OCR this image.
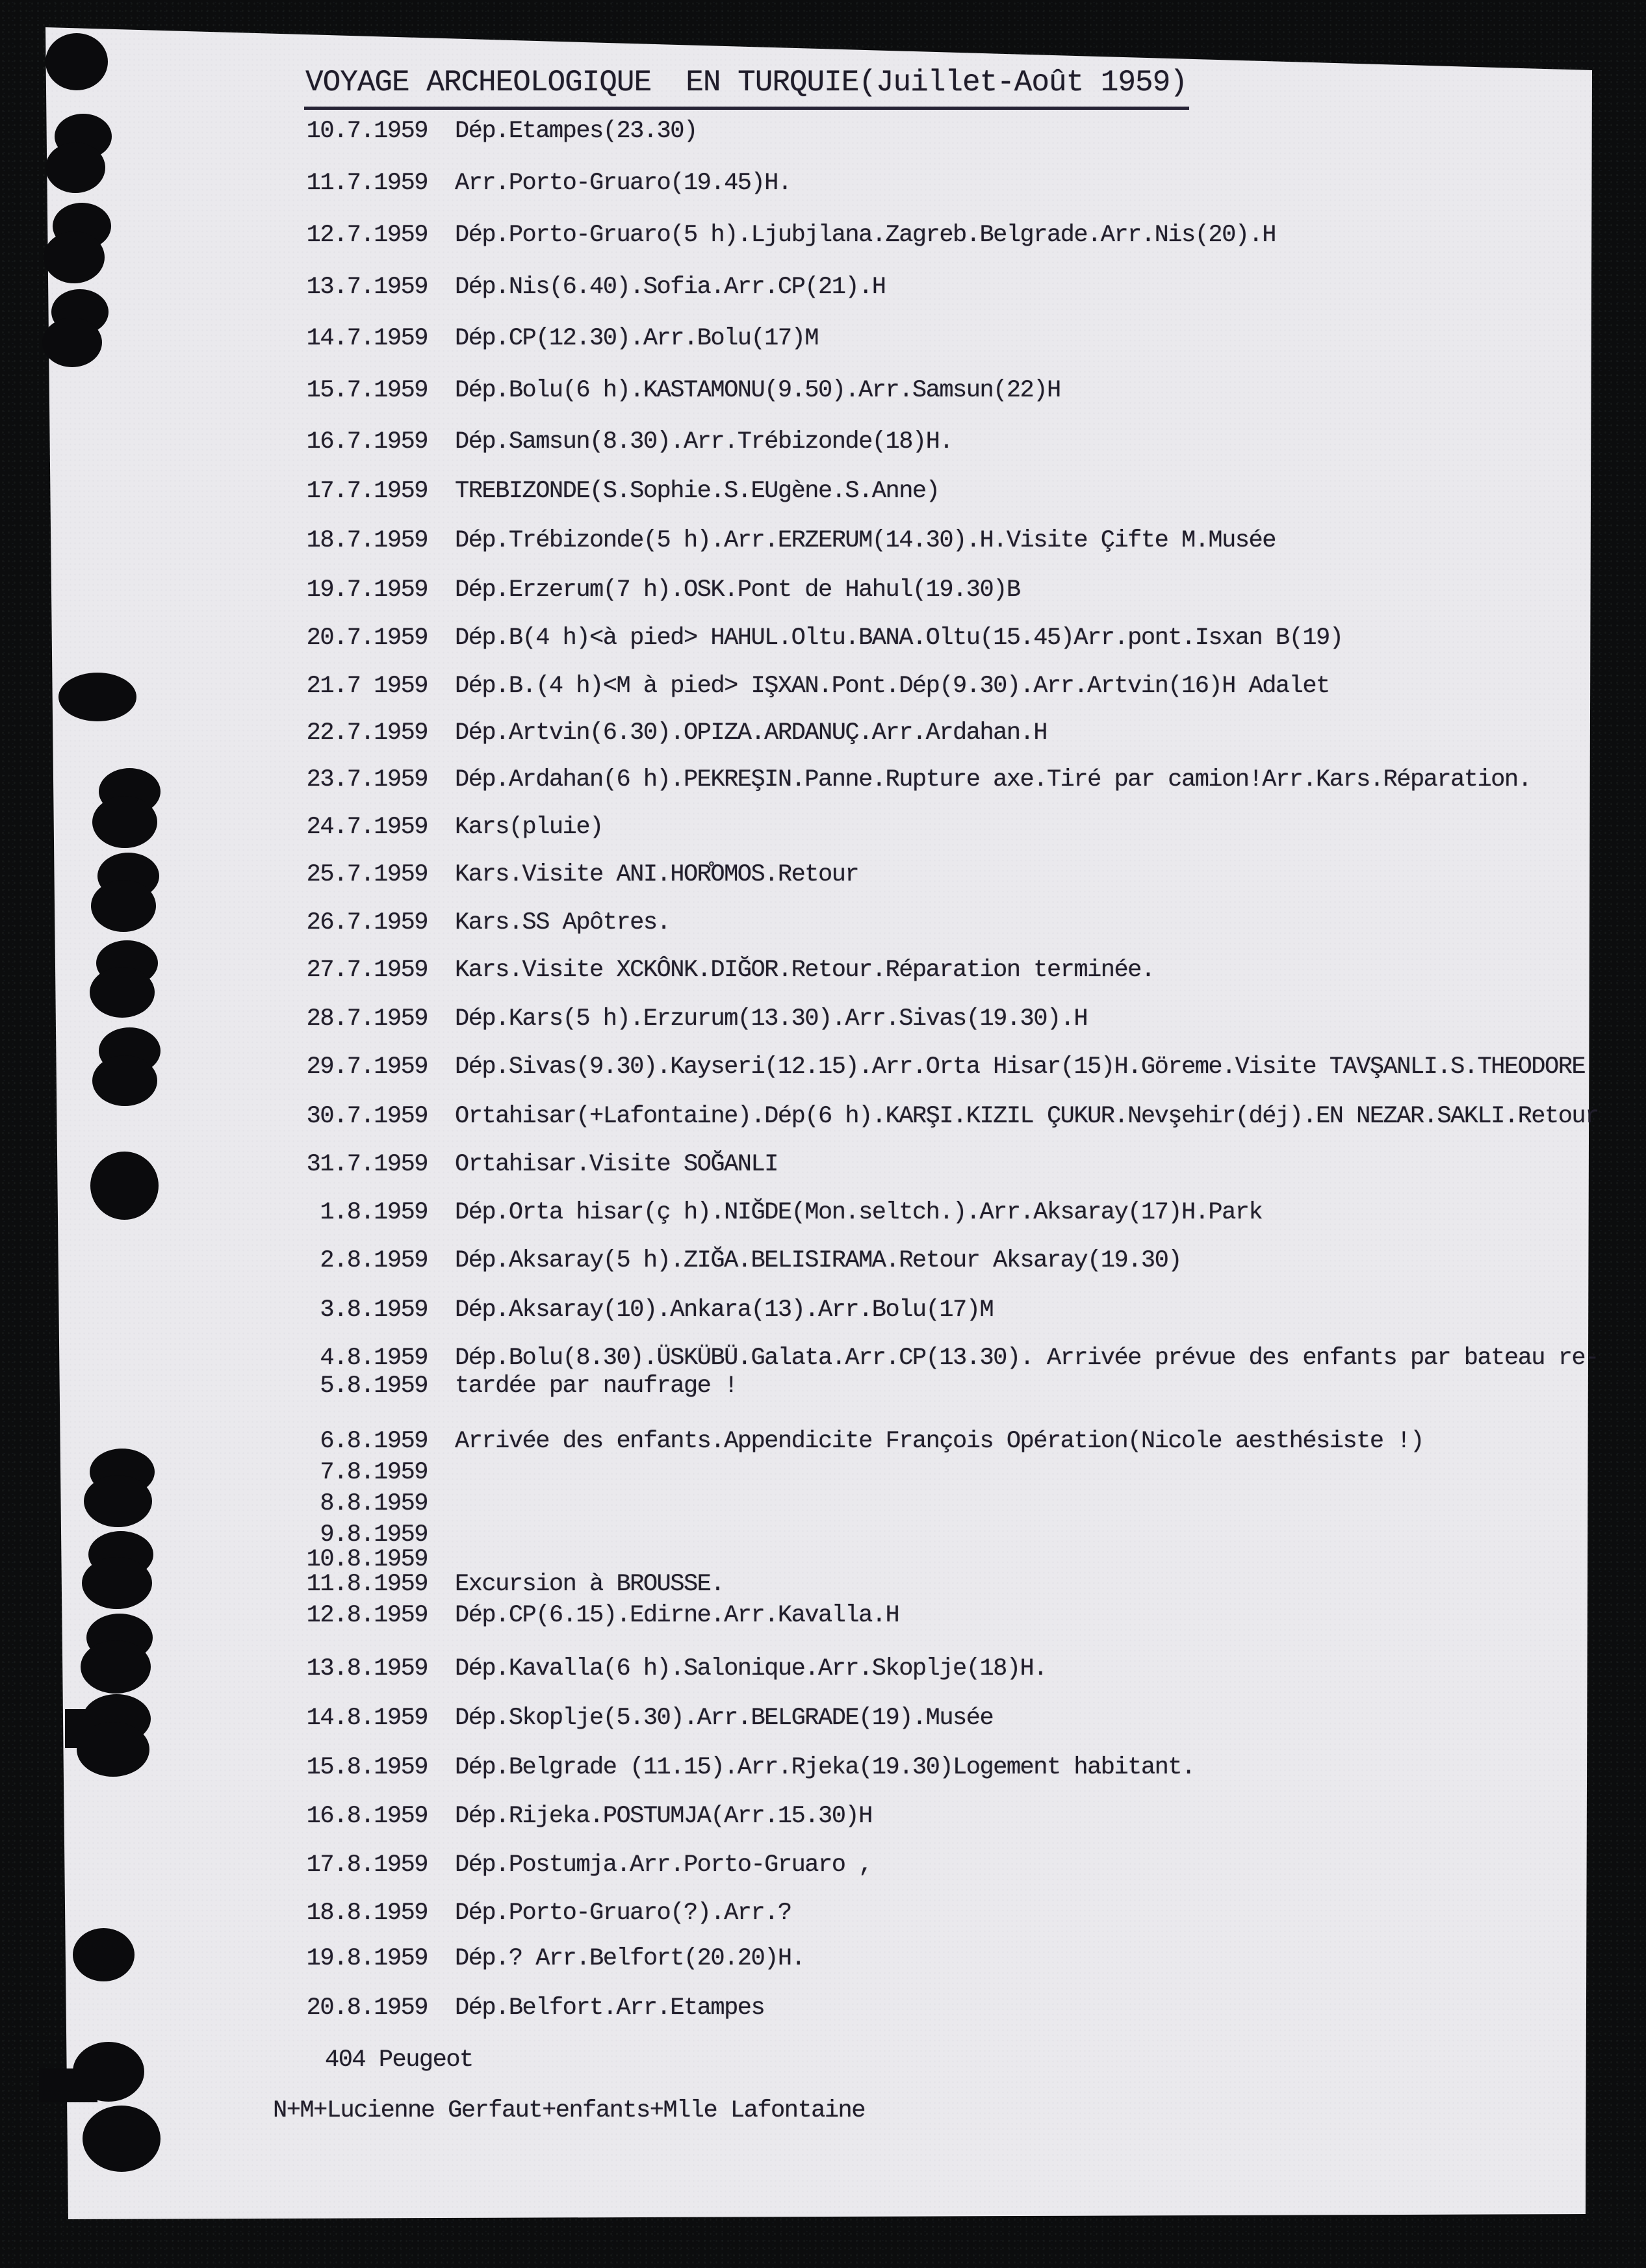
VOYAGE ARCHEOLOGIQUE  EN TURQUIE(Juillet-Août 1959)
10.7.1959 Dép.Etampes(23.30)
11.7.1959 Arr.Porto-Gruaro(19.45)H.
12.7.1959 Dép.Porto-Gruaro(5 h).Ljubjlana.Zagreb.Belgrade.Arr.Nis(20).H
13.7.1959 Dép.Nis(6.40).Sofia.Arr.CP(21).H
14.7.1959 Dép.CP(12.30).Arr.Bolu(17)M
15.7.1959 Dép.Bolu(6 h).KASTAMONU(9.50).Arr.Samsun(22)H
16.7.1959 Dép.Samsun(8.30).Arr.Trébizonde(18)H.
17.7.1959 TREBIZONDE(S.Sophie.S.EUgène.S.Anne)
18.7.1959 Dép.Trébizonde(5 h).Arr.ERZERUM(14.30).H.Visite Çifte M.Musée
19.7.1959 Dép.Erzerum(7 h).OSK.Pont de Hahul(19.30)B
20.7.1959 Dép.B(4 h)<à pied> HAHUL.Oltu.BANA.Oltu(15.45)Arr.pont.Isxan B(19)
21.7 1959 Dép.B.(4 h)<M à pied> IŞXAN.Pont.Dép(9.30).Arr.Artvin(16)H Adalet
22.7.1959 Dép.Artvin(6.30).OPIZA.ARDANUÇ.Arr.Ardahan.H
23.7.1959 Dép.Ardahan(6 h).PEKREŞIN.Panne.Rupture axe.Tiré par camion!Arr.Kars.Réparation.
24.7.1959 Kars(pluie)
25.7.1959 Kars.Visite ANI.HOR̊OMOS.Retour
26.7.1959 Kars.SS Apôtres.
27.7.1959 Kars.Visite XCKÔNK.DIĞOR.Retour.Réparation terminée.
28.7.1959 Dép.Kars(5 h).Erzurum(13.30).Arr.Sivas(19.30).H
29.7.1959 Dép.Sivas(9.30).Kayseri(12.15).Arr.Orta Hisar(15)H.Göreme.Visite TAVŞANLI.S.THEODORE
30.7.1959 Ortahisar(+Lafontaine).Dép(6 h).KARŞI.KIZIL ÇUKUR.Nevşehir(déj).EN NEZAR.SAKLI.Retour
31.7.1959 Ortahisar.Visite SOĞANLI
1.8.1959 Dép.Orta hisar(ç h).NIĞDE(Mon.seltch.).Arr.Aksaray(17)H.Park
2.8.1959 Dép.Aksaray(5 h).ZIĞA.BELISIRAMA.Retour Aksaray(19.30)
3.8.1959 Dép.Aksaray(10).Ankara(13).Arr.Bolu(17)M
4.8.1959 Dép.Bolu(8.30).ÜSKÜBÜ.Galata.Arr.CP(13.30). Arrivée prévue des enfants par bateau re-
5.8.1959 tardée par naufrage !
6.8.1959 Arrivée des enfants.Appendicite François Opération(Nicole aesthésiste !)
7.8.1959
8.8.1959
9.8.1959
10.8.1959
11.8.1959 Excursion à BROUSSE.
12.8.1959 Dép.CP(6.15).Edirne.Arr.Kavalla.H
13.8.1959 Dép.Kavalla(6 h).Salonique.Arr.Skoplje(18)H.
14.8.1959 Dép.Skoplje(5.30).Arr.BELGRADE(19).Musée
15.8.1959 Dép.Belgrade (11.15).Arr.Rjeka(19.30)Logement habitant.
16.8.1959 Dép.Rijeka.POSTUMJA(Arr.15.30)H
17.8.1959 Dép.Postumja.Arr.Porto-Gruaro ,
18.8.1959 Dép.Porto-Gruaro(?).Arr.?
19.8.1959 Dép.? Arr.Belfort(20.20)H.
20.8.1959 Dép.Belfort.Arr.Etampes
404 Peugeot
N+M+Lucienne Gerfaut+enfants+Mlle Lafontaine
